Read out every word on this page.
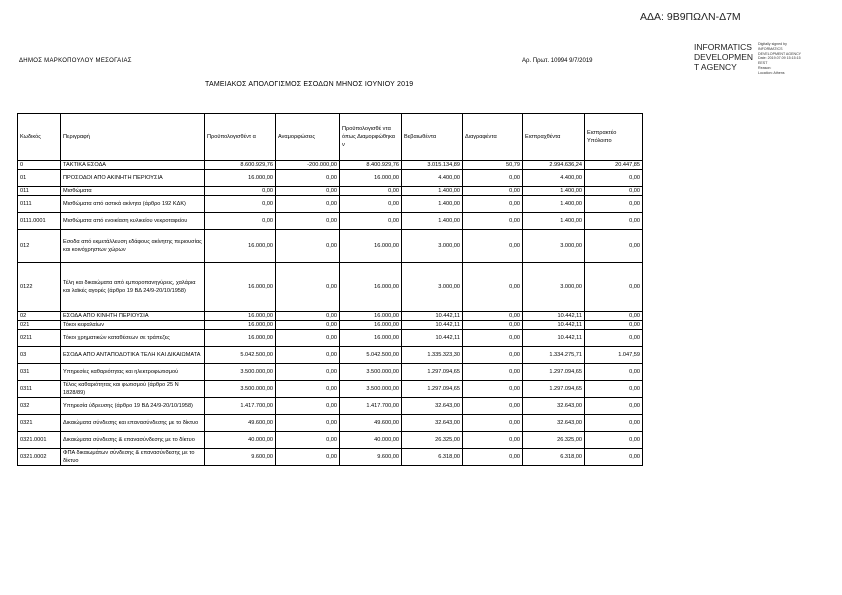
ΑΔΑ: 9Β9ΠΩΛΝ-Δ7Μ
ΔΗΜΟΣ ΜΑΡΚΟΠΟΥΛΟΥ ΜΕΣΟΓΑΙΑΣ	Αρ. Πρωτ. 10994 9/7/2019
INFORMATICS
DEVELOPMEN
T AGENCY
Digitally signed by
INFORMATICS
DEVELOPMENT AGENCY
Date: 2019.07.09 15:15:15
EEST
Reason:
Location: Athens
ΤΑΜΕΙΑΚΟΣ ΑΠΟΛΟΓΙΣΜΟΣ ΕΣΟΔΩΝ ΜΗΝΟΣ ΙΟΥΝΙΟΥ 2019
Κωδικός	Περιγραφή	Προϋπολογισθέντ α	Αναμορφώσεις	Προϋπολογισθέ ντα όπως Διαμορφώθηκα ν	Βεβαιωθέντα	Διαγραφέντα	Εισπραχθέντα	Εισπρακτέο Υπόλοιπο
0	ΤΑΚΤΙΚΑ ΕΣΟΔΑ	8.600.929,76	-200.000,00	8.400.929,76	3.015.134,89	50,79	2.994.636,24	20.447,85
01	ΠΡΟΣΟΔΟΙ ΑΠΟ ΑΚΙΝΗΤΗ ΠΕΡΙΟΥΣΙΑ	16.000,00	0,00	16.000,00	4.400,00	0,00	4.400,00	0,00
011	Μισθώματα	0,00	0,00	0,00	1.400,00	0,00	1.400,00	0,00
0111	Μισθώματα από αστικά ακίνητα (άρθρο 192 ΚΔΚ)	0,00	0,00	0,00	1.400,00	0,00	1.400,00	0,00
0111.0001	Μισθώματα από ενοικίαση κυλικείου νεκροταφείου	0,00	0,00	0,00	1.400,00	0,00	1.400,00	0,00
012	Εσοδα από εκμετάλλευση εδάφους ακίνητης περιουσίας και κοινόχρηστων χώρων	16.000,00	0,00	16.000,00	3.000,00	0,00	3.000,00	0,00
0122	Τέλη και δικαιώματα από εμποροπανηγύρεις, χαλάρια και λαϊκές αγορές (άρθρο 19 ΒΔ 24/9-20/10/1958)	16.000,00	0,00	16.000,00	3.000,00	0,00	3.000,00	0,00
02	ΕΣΟΔΑ ΑΠΟ ΚΙΝΗΤΗ ΠΕΡΙΟΥΣΙΑ	16.000,00	0,00	16.000,00	10.442,11	0,00	10.442,11	0,00
021	Τόκοι κεφαλαίων	16.000,00	0,00	16.000,00	10.442,11	0,00	10.442,11	0,00
0211	Τόκοι χρηματικών καταθέσεων σε τράπεζες	16.000,00	0,00	16.000,00	10.442,11	0,00	10.442,11	0,00
03	ΕΣΟΔΑ ΑΠΟ ΑΝΤΑΠΟΔΟΤΙΚΑ ΤΕΛΗ ΚΑΙ ΔΙΚΑΙΩΜΑΤΑ	5.042.500,00	0,00	5.042.500,00	1.335.323,30	0,00	1.334.275,71	1.047,59
031	Υπηρεσίες καθαριότητας και ηλεκτροφωτισμού	3.500.000,00	0,00	3.500.000,00	1.297.094,65	0,00	1.297.094,65	0,00
0311	Τέλος καθαριότητας και φωτισμού (άρθρο 25 Ν 1828/89)	3.500.000,00	0,00	3.500.000,00	1.297.094,65	0,00	1.297.094,65	0,00
032	Υπηρεσία ύδρευσης (άρθρο 19 ΒΔ 24/9-20/10/1958)	1.417.700,00	0,00	1.417.700,00	32.643,00	0,00	32.643,00	0,00
0321	Δικαιώματα σύνδεσης και επανασύνδεσης με το δίκτυο	49.600,00	0,00	49.600,00	32.643,00	0,00	32.643,00	0,00
0321.0001	Δικαιώματα σύνδεσης & επανασύνδεσης με το δίκτυο	40.000,00	0,00	40.000,00	26.325,00	0,00	26.325,00	0,00
0321.0002	ΦΠΑ δικαιωμάτων σύνδεσης & επανασύνδεσης με το δίκτυο	9.600,00	0,00	9.600,00	6.318,00	0,00	6.318,00	0,00
